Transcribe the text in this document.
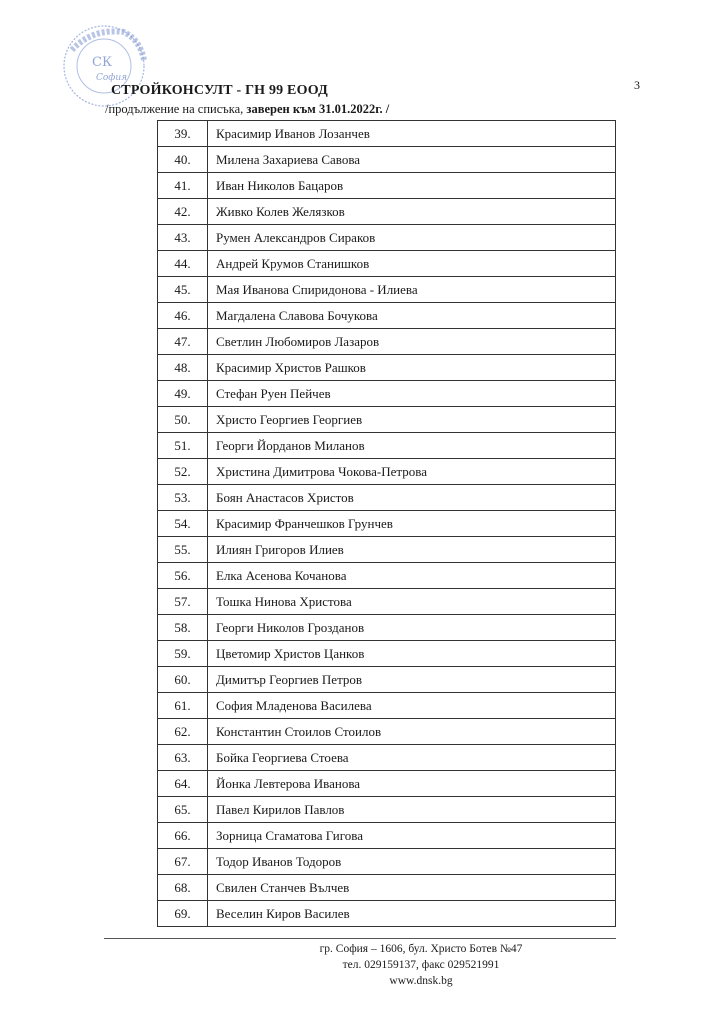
СК
София	3
СТРОЙКОНСУЛТ - ГН 99 ЕООД
/продължение на списъка, заверен към 31.01.2022г. /
39.	Красимир Иванов Лозанчев
40.	Милена Захариева Савова
41.	Иван Николов Бацаров
42.	Живко Колев Желязков
43.	Румен Александров Сираков
44.	Андрей Крумов Станишков
45.	Мая Иванова Спиридонова - Илиева
46.	Магдалена Славова Бочукова
47.	Светлин Любомиров Лазаров
48.	Красимир Христов Рашков
49.	Стефан Руен Пейчев
50.	Христо Георгиев Георгиев
51.	Георги Йорданов Миланов
52.	Христина Димитрова Чокова-Петрова
53.	Боян Анастасов Христов
54.	Красимир Франчешков Грунчев
55.	Илиян Григоров Илиев
56.	Елка Асенова Кочанова
57.	Тошка Нинова Христова
58.	Георги Николов Грозданов
59.	Цветомир Христов Цанков
60.	Димитър Георгиев Петров
61.	София Младенова Василева
62.	Константин Стоилов Стоилов
63.	Бойка Георгиева Стоева
64.	Йонка Левтерова Иванова
65.	Павел Кирилов Павлов
66.	Зорница Сгаматова Гигова
67.	Тодор Иванов Тодоров
68.	Свилен Станчев Вълчев
69.	Веселин Киров Василев
гр. София – 1606, бул. Христо Ботев №47
тел. 029159137, факс 029521991
www.dnsk.bg
